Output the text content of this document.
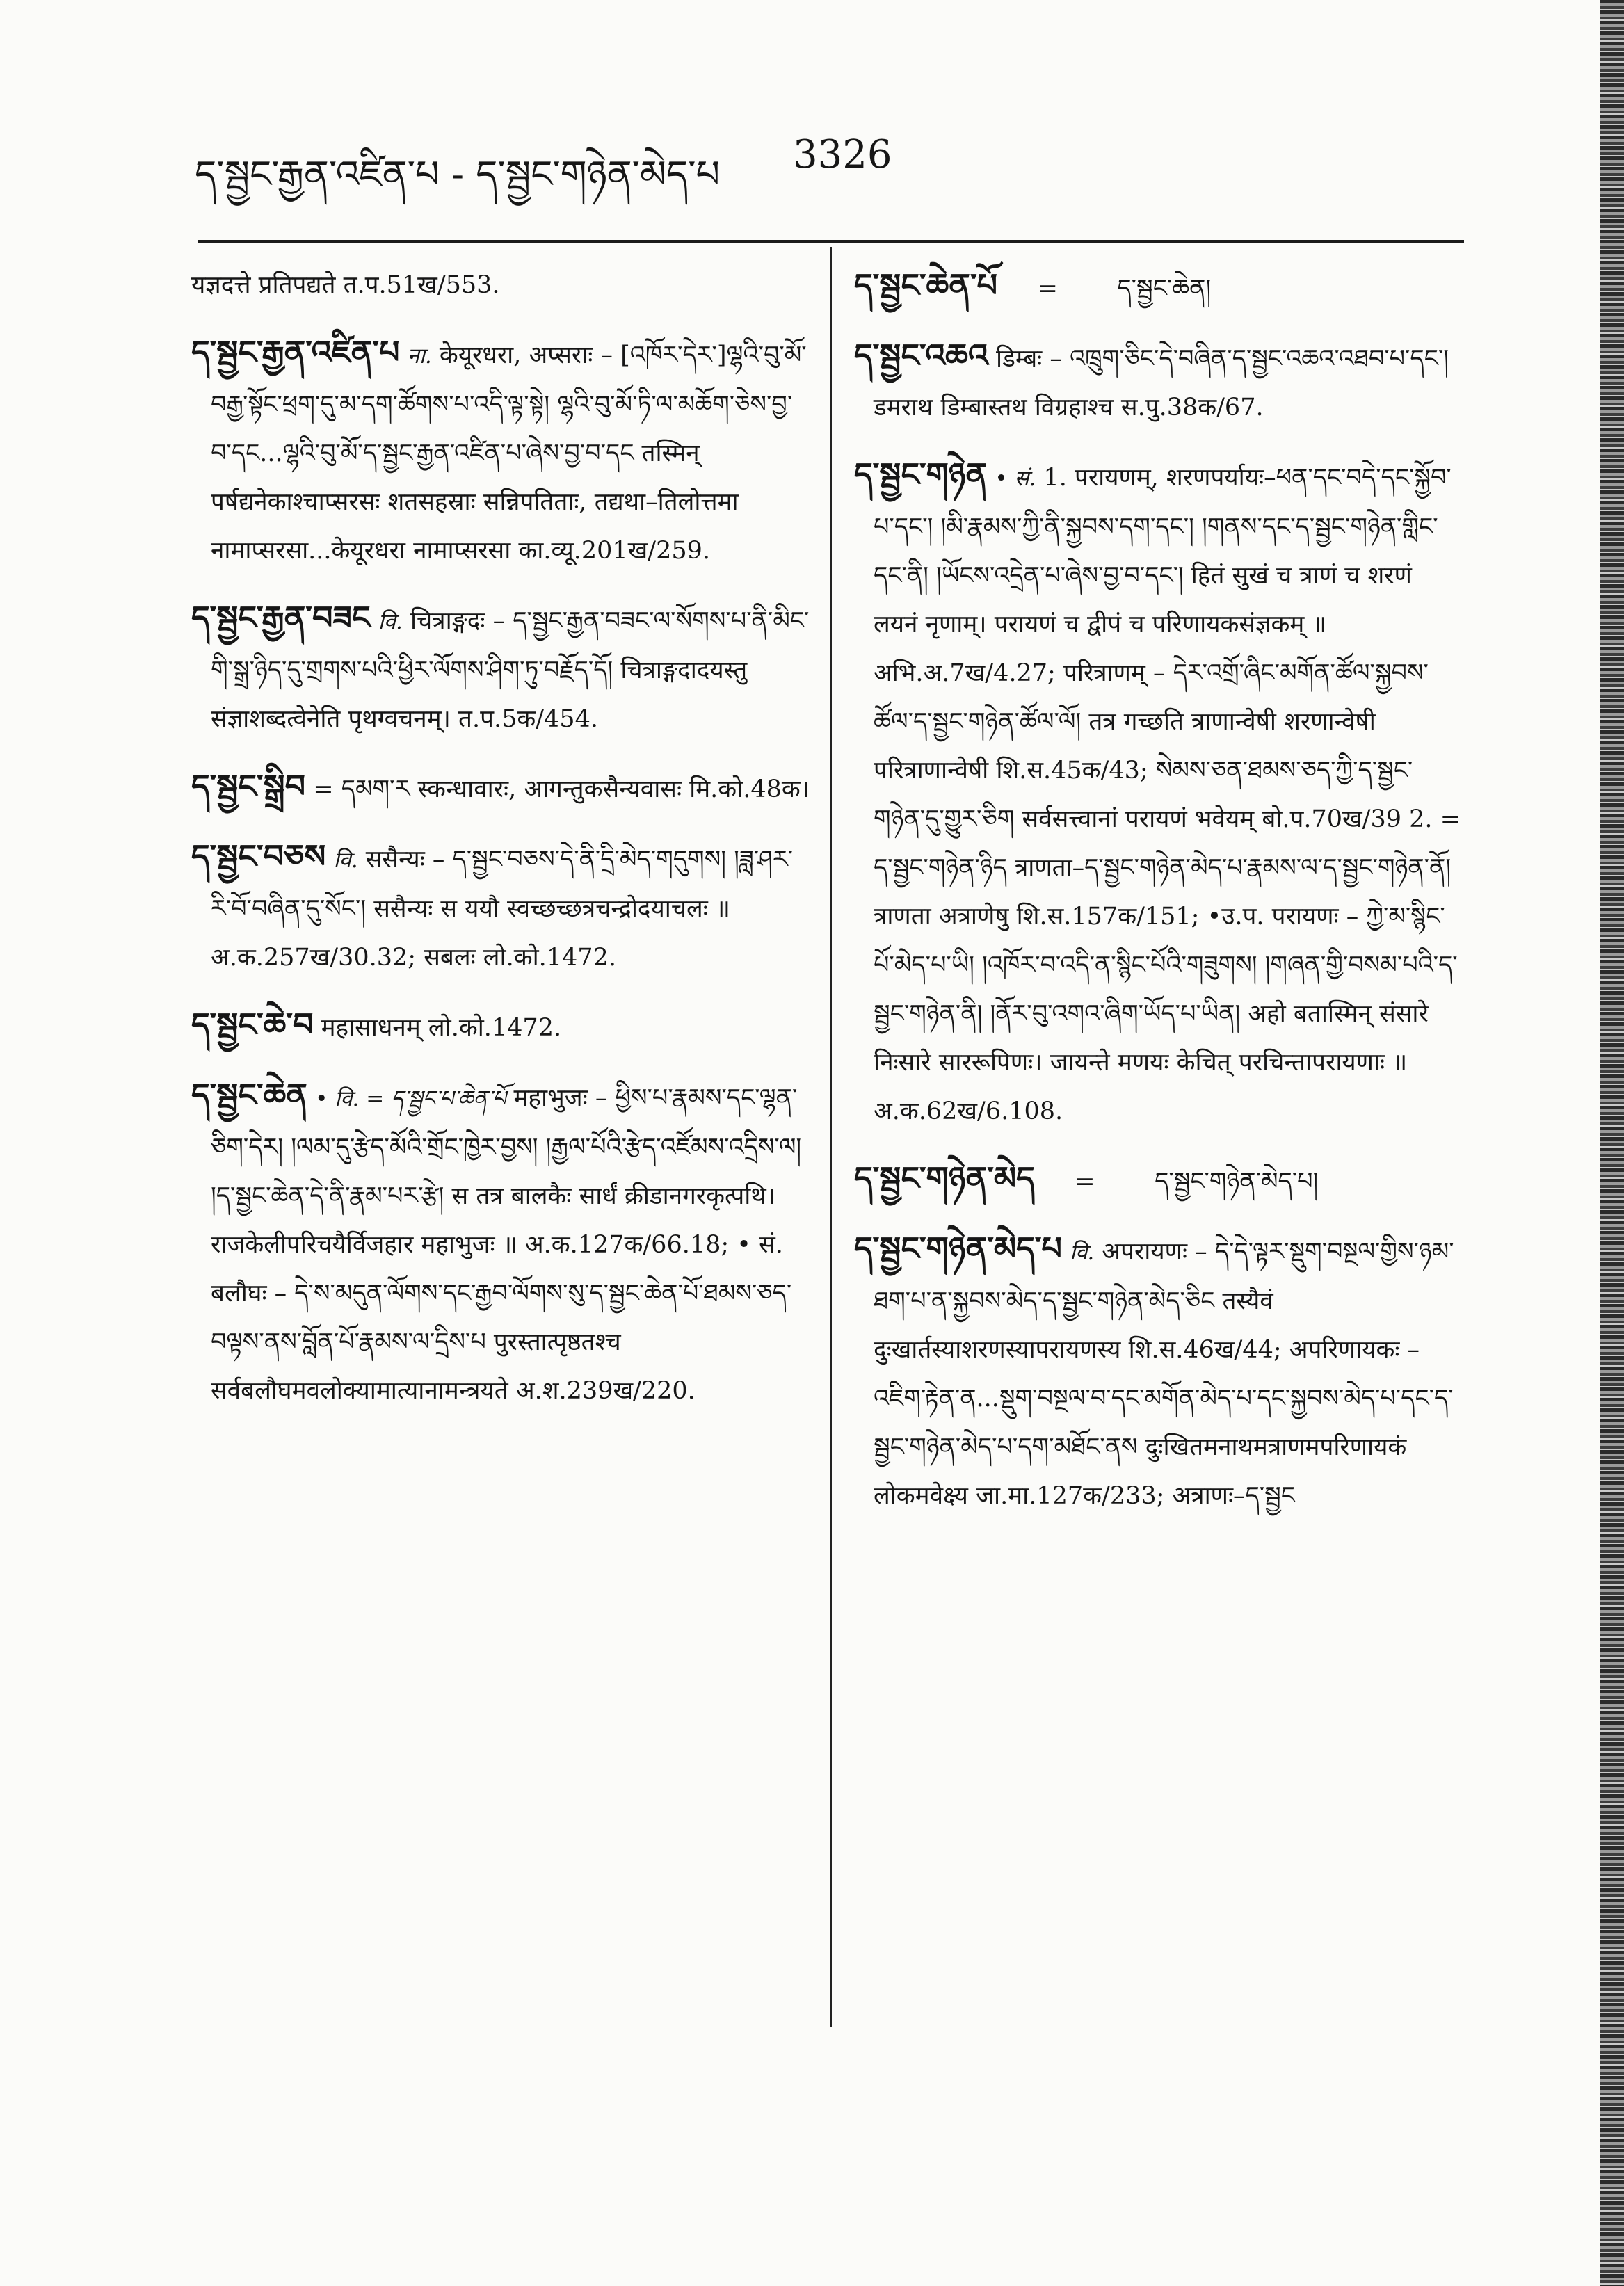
ད་སྦྱང་རྒྱན་འཛིན་པ - ད་སྦྱང་གཉེན་མེད་པ 3326
यज्ञदत्ते प्रतिपद्यते त.प.51ख/553.
ད་སྦྱང་རྒྱན་འཛིན་པ ना. केयूरधरा, अप्सराः – [འཁོར་དེར་]ལྷའི་བུ་མོ་བརྒྱ་སྟོང་ཕྲག་དུ་མ་དག་ཚོགས་པ་འདི་ལྟ་སྟེ། ལྷའི་བུ་མོ་ཏི་ལ་མཆོག་ཅེས་བྱ་བ་དང...ལྷའི་བུ་མོ་ད་སྦྱང་རྒྱན་འཛིན་པ་ཞེས་བྱ་བ་དང तस्मिन् पर्षद्यनेकाश्चाप्सरसः शतसहस्राः सन्निपतिताः, तद्यथा–तिलोत्तमा नामाप्सरसा...केयूरधरा नामाप्सरसा का.व्यू.201ख/259.
ད་སྦྱང་རྒྱན་བཟང वि. चित्राङ्गदः – ད་སྦྱང་རྒྱན་བཟང་ལ་སོགས་པ་ནི་མིང་གི་སྒྲ་ཉིད་དུ་གྲགས་པའི་ཕྱིར་ལོགས་ཤིག་ཏུ་བརྗོད་དོ། चित्राङ्गदादयस्तु संज्ञाशब्दत्वेनेति पृथग्वचनम्। त.प.5क/454.
ད་སྦྱང་སྒྲིབ = དམག་ར स्कन्धावारः, आगन्तुकसैन्यवासः मि.को.48क।
ད་སྦྱང་བཅས वि. ससैन्यः – ད་སྦྱང་བཅས་དེ་ནི་དྲི་མེད་གདུགས། །ཟླ་ཤར་རི་བོ་བཞིན་དུ་སོང་། ससैन्यः स ययौ स्वच्छच्छत्रचन्द्रोदयाचलः ॥ अ.क.257ख/30.32; सबलः लो.को.1472.
ད་སྦྱང་ཆེ་བ महासाधनम् लो.को.1472.
ད་སྦྱང་ཆེན • वि. = ད་སྦྱང་པ་ཆེན་པོ महाभुजः – ཕྱིས་པ་རྣམས་དང་ལྷན་ཅིག་དེར། །ལམ་དུ་རྩེད་མོའི་གྲོང་ཁྱེར་བྱས། །རྒྱལ་པོའི་རྩེད་འཛོམས་འདྲིས་ལ། །ད་སྦྱང་ཆེན་དེ་ནི་རྣམ་པར་རྩེ། स तत्र बालकैः सार्धं क्रीडानगरकृत्पथि। राजकेलीपरिचयैर्विजहार महाभुजः ॥ अ.क.127क/66.18; • सं. बलौघः – དེ་ས་མདུན་ལོགས་དང་རྒྱབ་ལོགས་སུ་ད་སྦྱང་ཆེན་པོ་ཐམས་ཅད་བལྟས་ནས་བློན་པོ་རྣམས་ལ་དྲིས་པ पुरस्तात्पृष्ठतश्च सर्वबलौघमवलोक्यामात्यानामन्त्रयते अ.श.239ख/220.
ད་སྦྱང་ཆེན་པོ = ད་སྦྱང་ཆེན།
ད་སྦྱང་འཆའ डिम्बः – འཁྲུག་ཅིང་དེ་བཞིན་ད་སྦྱང་འཆའ་འཐབ་པ་དང་། डमराथ डिम्बास्तथ विग्रहाश्च स.पु.38क/67.
ད་སྦྱང་གཉེན • सं. 1. परायणम्, शरणपर्यायः–ཕན་དང་བདེ་དང་སྐྱོབ་པ་དང་། །མི་རྣམས་ཀྱི་ནི་སྐྱབས་དག་དང་། །གནས་དང་ད་སྦྱང་གཉེན་གླིང་དང་ནི། །ཡོངས་འདྲེན་པ་ཞེས་བྱ་བ་དང་། हितं सुखं च त्राणं च शरणं लयनं नृणाम्। परायणं च द्वीपं च परिणायकसंज्ञकम् ॥ अभि.अ.7ख/4.27; परित्राणम् – དེར་འགྲོ་ཞིང་མགོན་ཚོལ་སྐྱབས་ཚོལ་ད་སྦྱང་གཉེན་ཚོལ་ལོ། तत्र गच्छति त्राणान्वेषी शरणान्वेषी परित्राणान्वेषी शि.स.45क/43; སེམས་ཅན་ཐམས་ཅད་ཀྱི་ད་སྦྱང་གཉེན་དུ་གྱུར་ཅིག सर्वसत्त्वानां परायणं भवेयम् बो.प.70ख/39 2. = ད་སྦྱང་གཉེན་ཉིད त्राणता–ད་སྦྱང་གཉེན་མེད་པ་རྣམས་ལ་ད་སྦྱང་གཉེན་ནོ། त्राणता अत्राणेषु शि.स.157क/151; •उ.प. परायणः – ཀྱེ་མ་སྙིང་པོ་མེད་པ་ཡི། །འཁོར་བ་འདི་ན་སྙིང་པོའི་གཟུགས། །གཞན་གྱི་བསམ་པའི་ད་སྦྱང་གཉེན་ནི། །ནོར་བུ་འགའ་ཞིག་ཡོད་པ་ཡིན། अहो बतास्मिन् संसारे निःसारे साररूपिणः। जायन्ते मणयः केचित् परचिन्तापरायणाः ॥ अ.क.62ख/6.108.
ད་སྦྱང་གཉེན་མེད = ད་སྦྱང་གཉེན་མེད་པ།
ད་སྦྱང་གཉེན་མེད་པ वि. अपरायणः – དེ་དེ་ལྟར་སྡུག་བསྔལ་གྱིས་ཉམ་ཐག་པ་ན་སྐྱབས་མེད་ད་སྦྱང་གཉེན་མེད་ཅིང तस्यैवं दुःखार्तस्याशरणस्यापरायणस्य शि.स.46ख/44; अपरिणायकः – འཇིག་རྟེན་ན...སྡུག་བསྔལ་བ་དང་མགོན་མེད་པ་དང་སྐྱབས་མེད་པ་དང་ད་སྦྱང་གཉེན་མེད་པ་དག་མཐོང་ནས दुःखितमनाथमत्राणमपरिणायकं लोकमवेक्ष्य जा.मा.127क/233; अत्राणः–ད་སྦྱང
